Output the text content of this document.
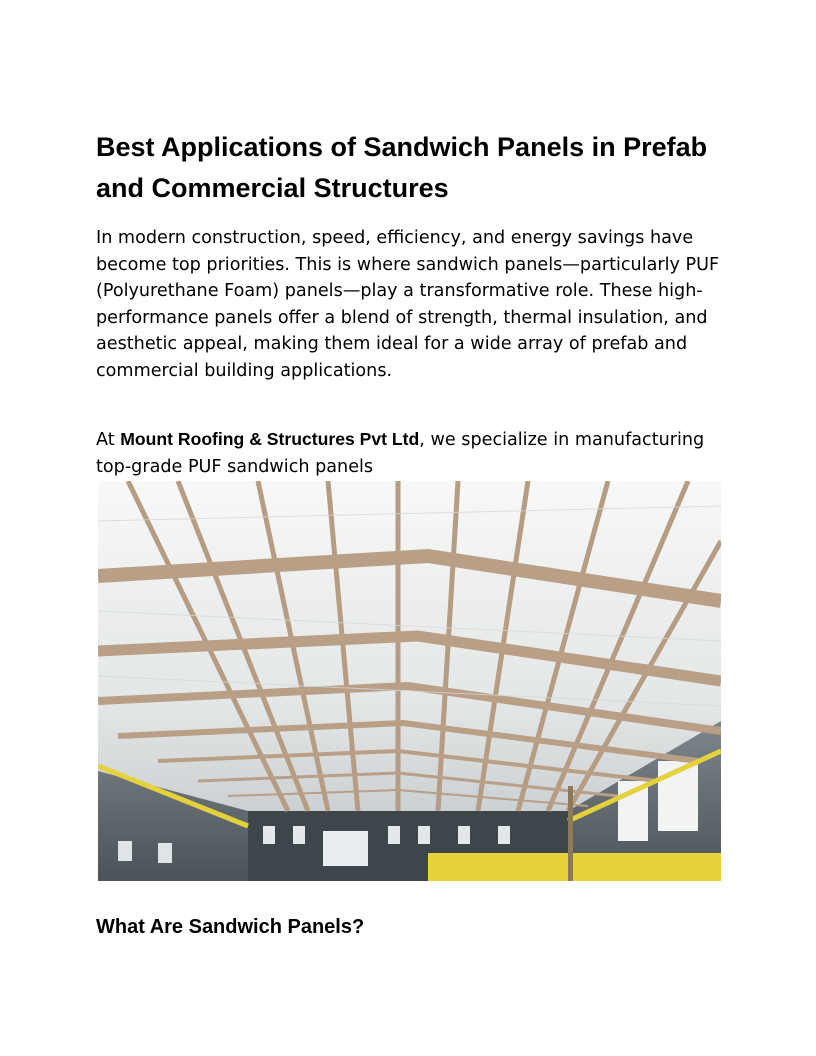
Best Applications of Sandwich Panels in Prefab and Commercial Structures

In modern construction, speed, efficiency, and energy savings have become top priorities. This is where sandwich panels—particularly PUF (Polyurethane Foam) panels—play a transformative role. These high-performance panels offer a blend of strength, thermal insulation, and aesthetic appeal, making them ideal for a wide array of prefab and commercial building applications.

At Mount Roofing & Structures Pvt Ltd, we specialize in manufacturing top-grade PUF sandwich panels

What Are Sandwich Panels?
